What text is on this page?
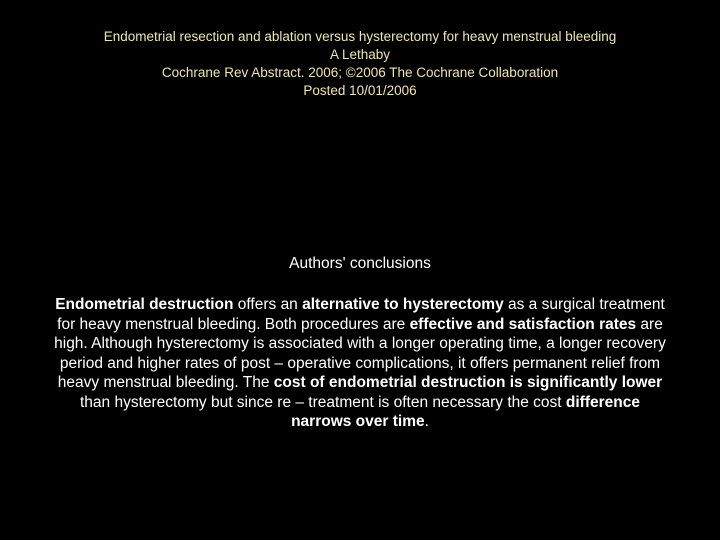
Endometrial resection and ablation versus hysterectomy for heavy menstrual bleeding
A Lethaby
Cochrane Rev Abstract. 2006; ©2006 The Cochrane Collaboration
Posted 10/01/2006
Authors' conclusions
Endometrial destruction offers an alternative to hysterectomy as a surgical treatment for heavy menstrual bleeding. Both procedures are effective and satisfaction rates are high. Although hysterectomy is associated with a longer operating time, a longer recovery period and higher rates of post – operative complications, it offers permanent relief from heavy menstrual bleeding. The cost of endometrial destruction is significantly lower than hysterectomy but since re – treatment is often necessary the cost difference narrows over time.
